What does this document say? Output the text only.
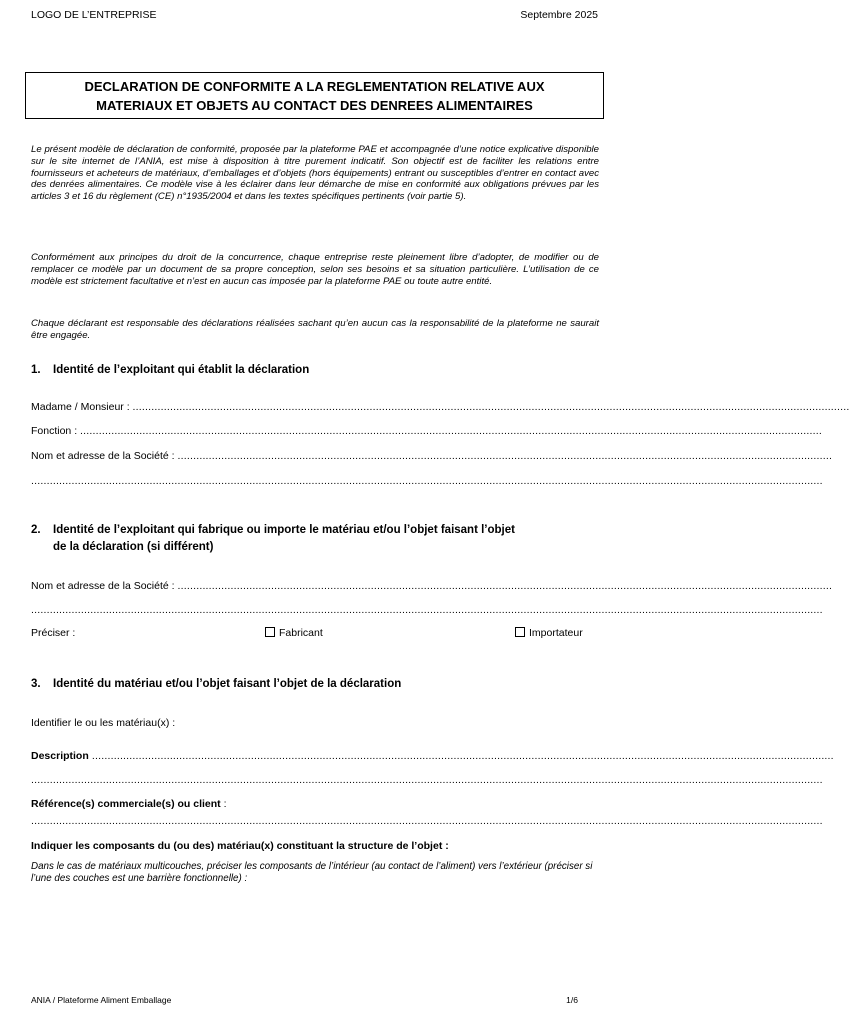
LOGO DE L’ENTREPRISE	Septembre 2025
DECLARATION DE CONFORMITE A LA REGLEMENTATION RELATIVE AUX
MATERIAUX ET OBJETS AU CONTACT DES DENREES ALIMENTAIRES

Le présent modèle de déclaration de conformité, proposée par la plateforme PAE et accompagnée d’une notice explicative disponible sur le site internet de l’ANIA, est mise à disposition à titre purement indicatif. Son objectif est de faciliter les relations entre fournisseurs et acheteurs de matériaux, d’emballages et d’objets (hors équipements) entrant ou susceptibles d’entrer en contact avec des denrées alimentaires. Ce modèle vise à les éclairer dans leur démarche de mise en conformité aux obligations prévues par les articles 3 et 16 du règlement (CE) n°1935/2004 et dans les textes spécifiques pertinents (voir partie 5).

Conformément aux principes du droit de la concurrence, chaque entreprise reste pleinement libre d’adopter, de modifier ou de remplacer ce modèle par un document de sa propre conception, selon ses besoins et sa situation particulière. L’utilisation de ce modèle est strictement facultative et n’est en aucun cas imposée par la plateforme PAE ou toute autre entité.

Chaque déclarant est responsable des déclarations réalisées sachant qu’en aucun cas la responsabilité de la plateforme ne saurait être engagée.

1. Identité de l’exploitant qui établit la déclaration
Madame / Monsieur : ......................................................................................................................................................................................................................................
Fonction : ..............................................................................................................................................................................................................................................
Nom et adresse de la Société : ..................................................................................................................................................................................................................
..............................................................................................................................................................................................................................................................
2. Identité de l’exploitant qui fabrique ou importe le matériau et/ou l’objet faisant l’objet
de la déclaration (si différent)
Nom et adresse de la Société : ..................................................................................................................................................................................................................
..............................................................................................................................................................................................................................................................
Préciser :	Fabricant	Importateur
3. Identité du matériau et/ou l’objet faisant l’objet de la déclaration
Identifier le ou les matériau(x) :
Description ..............................................................................................................................................................................................................................................
..............................................................................................................................................................................................................................................................
Référence(s) commerciale(s) ou client :
..............................................................................................................................................................................................................................................................
Indiquer les composants du (ou des) matériau(x) constituant la structure de l’objet :

Dans le cas de matériaux multicouches, préciser les composants de l’intérieur (au contact de l’aliment) vers l’extérieur (préciser si l’une des couches est une barrière fonctionnelle) :

ANIA / Plateforme Aliment Emballage	1/6
